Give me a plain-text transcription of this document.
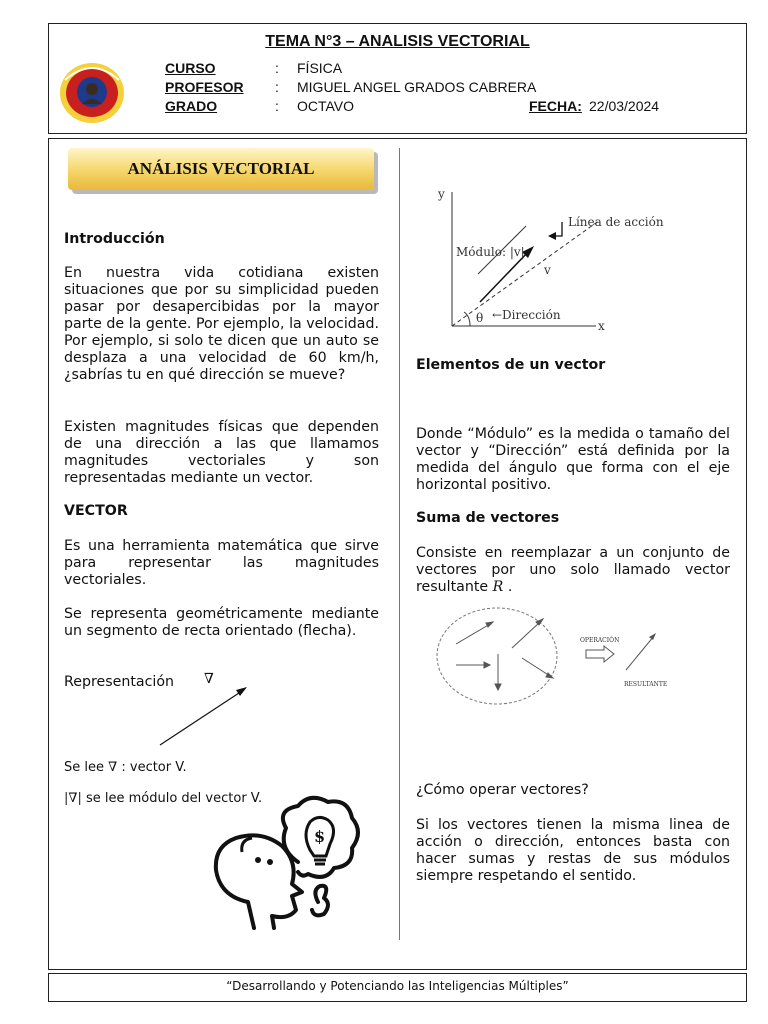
TEMA N°3 – ANALISIS VECTORIAL
CURSO	: FÍSICA
PROFESOR : MIGUEL ANGEL GRADOS CABRERA
GRADO	: OCTAVO	FECHA: 22/03/2024
ANÁLISIS VECTORIAL

Introducción

En nuestra vida cotidiana existen situaciones que por su simplicidad pueden pasar por desapercibidas por la mayor parte de la gente. Por ejemplo, la velocidad. Por ejemplo, si solo te dicen que un auto se desplaza a una velocidad de 60 km/h, ¿sabrías tu en qué dirección se mueve?

Existen magnitudes físicas que dependen de una dirección a las que llamamos magnitudes vectoriales y son representadas mediante un vector.

VECTOR

Es una herramienta matemática que sirve para representar las magnitudes vectoriales.

Se representa geométricamente mediante un segmento de recta orientado (flecha).

Representación ∇

Se lee ∇ : vector V.

|∇| se lee módulo del vector V.

$
y
x
Módulo: |v|
v
Línea de acción
θ ←Dirección

Elementos de un vector

Donde “Módulo” es la medida o tamaño del vector y “Dirección” está definida por la medida del ángulo que forma con el eje horizontal positivo.

Suma de vectores

Consiste en reemplazar a un conjunto de vectores por uno solo llamado vector resultante R .

OPERACIÓN
RESULTANTE

¿Cómo operar vectores?

Si los vectores tienen la misma linea de acción o dirección, entonces basta con hacer sumas y restas de sus módulos siempre respetando el sentido.

“Desarrollando y Potenciando las Inteligencias Múltiples”
